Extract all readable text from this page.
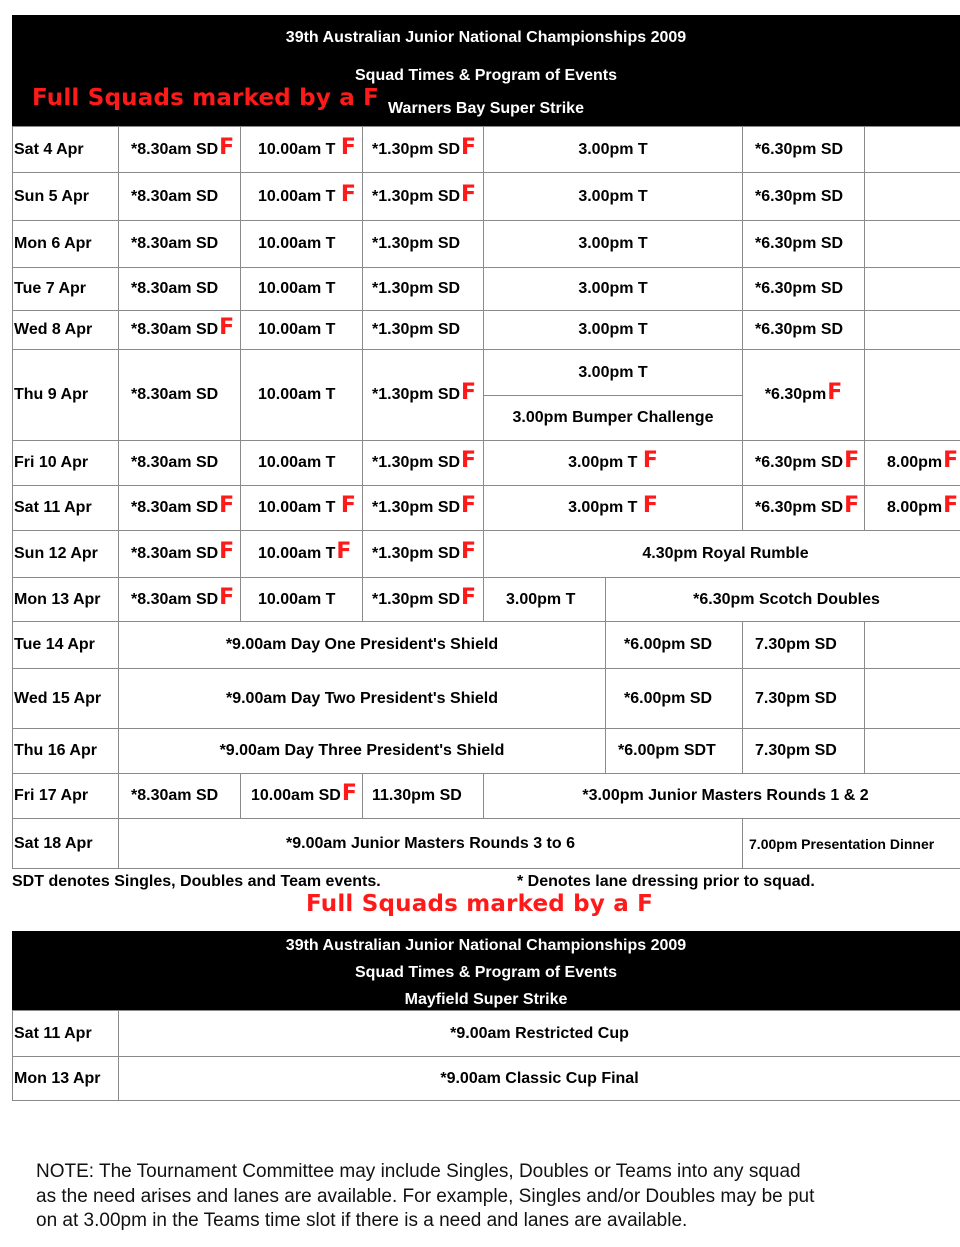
39th Australian Junior National Championships 2009
Squad Times & Program of Events
Warners Bay Super Strike
Full Squads marked by a F
Sat 4 Apr	*8.30am SDF	10.00am T F	*1.30pm SDF	3.00pm T		*6.30pm SD	
Sun 5 Apr	*8.30am SD	10.00am T F	*1.30pm SDF	3.00pm T		*6.30pm SD	
Mon 6 Apr	*8.30am SD	10.00am T	*1.30pm SD	3.00pm T		*6.30pm SD	
Tue 7 Apr	*8.30am SD	10.00am T	*1.30pm SD	3.00pm T		*6.30pm SD	
Wed 8 Apr	*8.30am SDF	10.00am T	*1.30pm SD	3.00pm T		*6.30pm SD	
Thu 9 Apr	*8.30am SD	10.00am T	*1.30pm SDF	3.00pm T		*6.30pmF	
				3.00pm Bumper Challenge			
Fri 10 Apr	*8.30am SD	10.00am T	*1.30pm SDF	3.00pm T F		*6.30pm SDF	8.00pmF
Sat 11 Apr	*8.30am SDF	10.00am T F	*1.30pm SDF	3.00pm T F		*6.30pm SDF	8.00pmF
Sun 12 Apr	*8.30am SDF	10.00am TF	*1.30pm SDF	4.30pm Royal Rumble			
Mon 13 Apr	*8.30am SDF	10.00am T	*1.30pm SDF	3.00pm T	*6.30pm Scotch Doubles		
Tue 14 Apr	*9.00am Day One President's Shield				*6.00pm SD	7.30pm SD	
Wed 15 Apr	*9.00am Day Two President's Shield				*6.00pm SD	7.30pm SD	
Thu 16 Apr	*9.00am Day Three President's Shield				*6.00pm SDT	7.30pm SD	
Fri 17 Apr	*8.30am SD	10.00am SDF	11.30pm SD	*3.00pm Junior Masters Rounds 1 & 2			
Sat 18 Apr	*9.00am Junior Masters Rounds 3 to 6					7.00pm Presentation Dinner	
SDT denotes Singles, Doubles and Team events.	* Denotes lane dressing prior to squad.
Full Squads marked by a F
39th Australian Junior National Championships 2009
Squad Times & Program of Events
Mayfield Super Strike
Sat 11 Apr	*9.00am Restricted Cup
Mon 13 Apr	*9.00am Classic Cup Final
NOTE: The Tournament Committee may include Singles, Doubles or Teams into any squad
as the need arises and lanes are available. For example, Singles and/or Doubles may be put
on at 3.00pm in the Teams time slot if there is a need and lanes are available.
